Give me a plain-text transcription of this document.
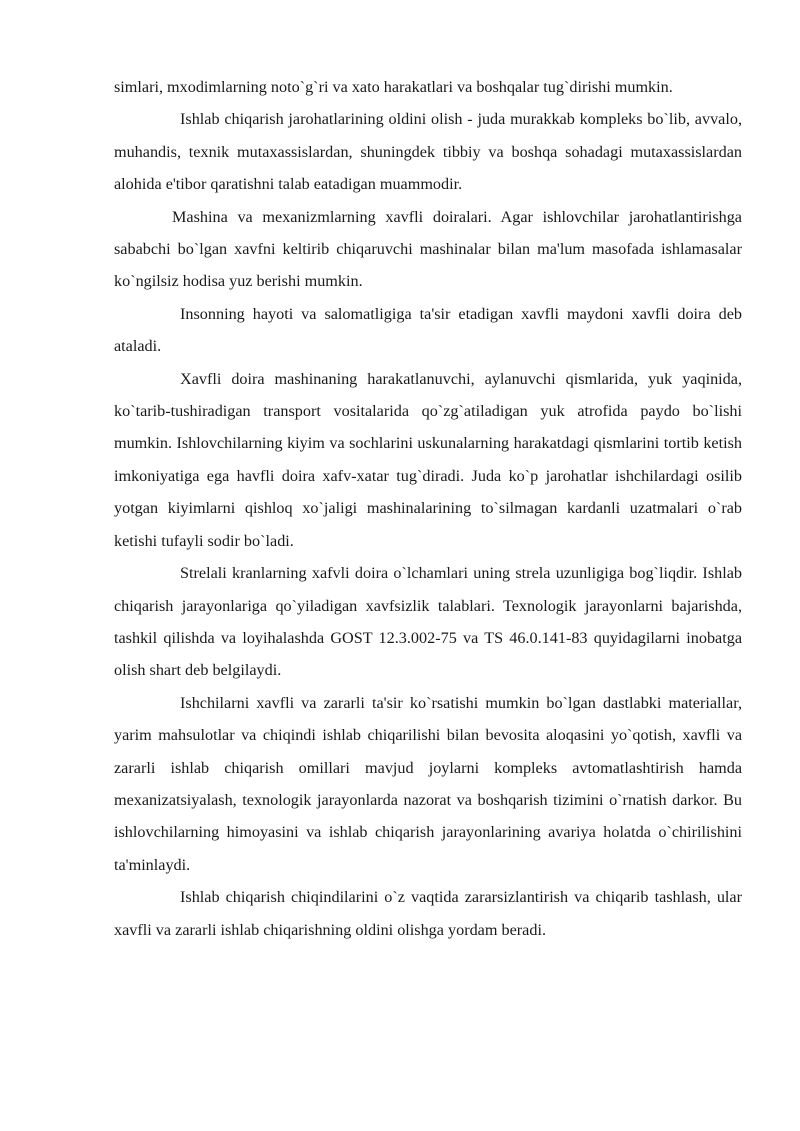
simlari, mxodimlarning noto`g`ri va xato harakatlari va boshqalar tug`dirishi mumkin.

Ishlab chiqarish jarohatlarining oldini olish - juda murakkab kompleks bo`lib, avvalo, muhandis, texnik mutaxassislardan, shuningdek tibbiy va boshqa sohadagi mutaxassislardan alohida e'tibor qaratishni talab eatadigan muammodir.

Mashina va mexanizmlarning xavfli doiralari. Agar ishlovchilar jarohatlantirishga sababchi bo`lgan xavfni keltirib chiqaruvchi mashinalar bilan ma'lum masofada ishlamasalar ko`ngilsiz hodisa yuz berishi mumkin.

Insonning hayoti va salomatligiga ta'sir etadigan xavfli maydoni xavfli doira deb ataladi.

Xavfli doira mashinaning harakatlanuvchi, aylanuvchi qismlarida, yuk yaqinida, ko`tarib-tushiradigan transport vositalarida qo`zg`atiladigan yuk atrofida paydo bo`lishi mumkin. Ishlovchilarning kiyim va sochlarini uskunalarning harakatdagi qismlarini tortib ketish imkoniyatiga ega havfli doira xafv-xatar tug`diradi. Juda ko`p jarohatlar ishchilardagi osilib yotgan kiyimlarni qishloq xo`jaligi mashinalarining to`silmagan kardanli uzatmalari o`rab ketishi tufayli sodir bo`ladi.

Strelali kranlarning xafvli doira o`lchamlari uning strela uzunligiga bog`liqdir. Ishlab chiqarish jarayonlariga qo`yiladigan xavfsizlik talablari. Texnologik jarayonlarni bajarishda, tashkil qilishda va loyihalashda GOST 12.3.002-75 va TS 46.0.141-83 quyidagilarni inobatga olish shart deb belgilaydi.

Ishchilarni xavfli va zararli ta'sir ko`rsatishi mumkin bo`lgan dastlabki materiallar, yarim mahsulotlar va chiqindi ishlab chiqarilishi bilan bevosita aloqasini yo`qotish, xavfli va zararli ishlab chiqarish omillari mavjud joylarni kompleks avtomatlashtirish hamda mexanizatsiyalash, texnologik jarayonlarda nazorat va boshqarish tizimini o`rnatish darkor. Bu ishlovchilarning himoyasini va ishlab chiqarish jarayonlarining avariya holatda o`chirilishini ta'minlaydi.

Ishlab chiqarish chiqindilarini o`z vaqtida zararsizlantirish va chiqarib tashlash, ular xavfli va zararli ishlab chiqarishning oldini olishga yordam beradi.
